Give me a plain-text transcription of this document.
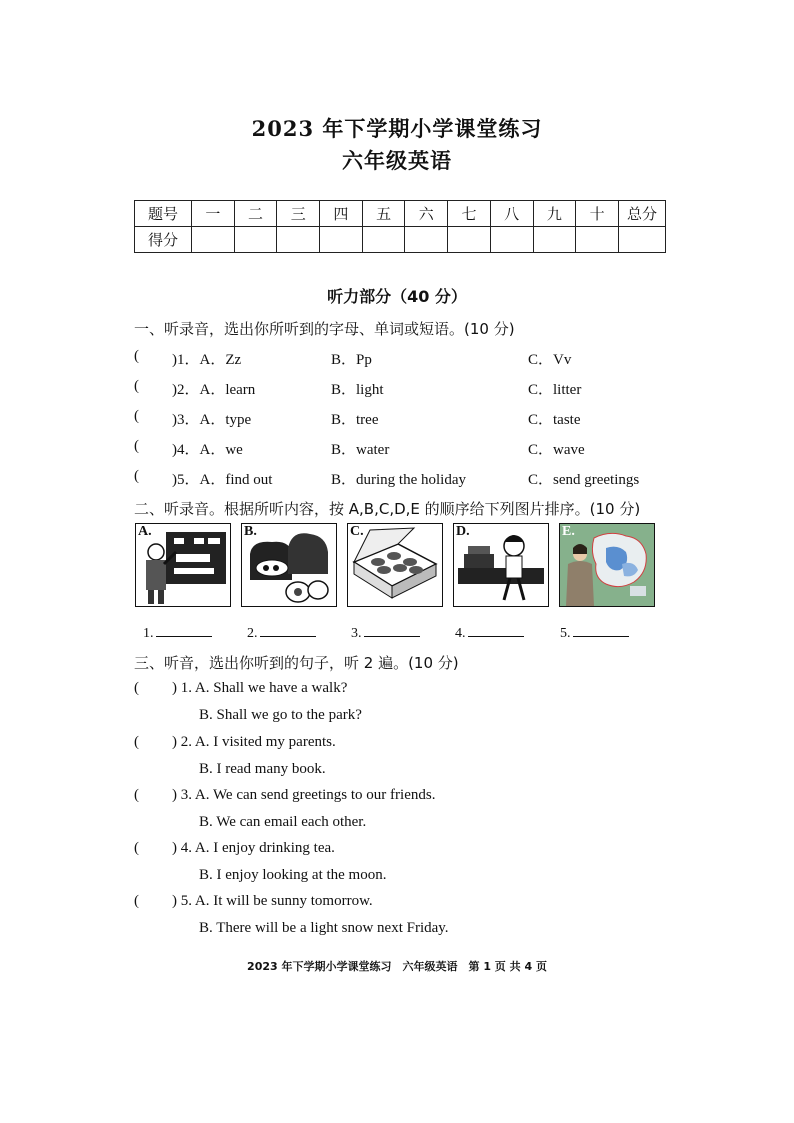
2023 年下学期小学课堂练习
六年级英语
题号	一	二	三	四	五	六	七	八	九	十	总分
得分											
听力部分（40 分）
一、听录音，选出你所听到的字母、单词或短语。(10 分)
( )1．A．Zz	B．Pp	C．Vv
( )2．A．learn	B．light	C．litter
( )3．A．type	B．tree	C．taste
( )4．A．we	B．water	C．wave
( )5．A．find out	B．during the holiday	C．send greetings
二、听录音。根据所听内容，按 A,B,C,D,E 的顺序给下列图片排序。(10 分)
A.	B.	C.	D.	E.
1.	2.	3.	4.	5.
三、听音，选出你听到的句子，听 2 遍。(10 分)
( ) 1. A. Shall we have a walk?
B. Shall we go to the park?
( ) 2. A. I visited my parents.
B. I read many book.
( ) 3. A. We can send greetings to our friends.
B. We can email each other.
( ) 4. A. I enjoy drinking tea.
B. I enjoy looking at the moon.
( ) 5. A. It will be sunny tomorrow.
B. There will be a light snow next Friday.
2023 年下学期小学课堂练习　六年级英语　第 1 页 共 4 页
